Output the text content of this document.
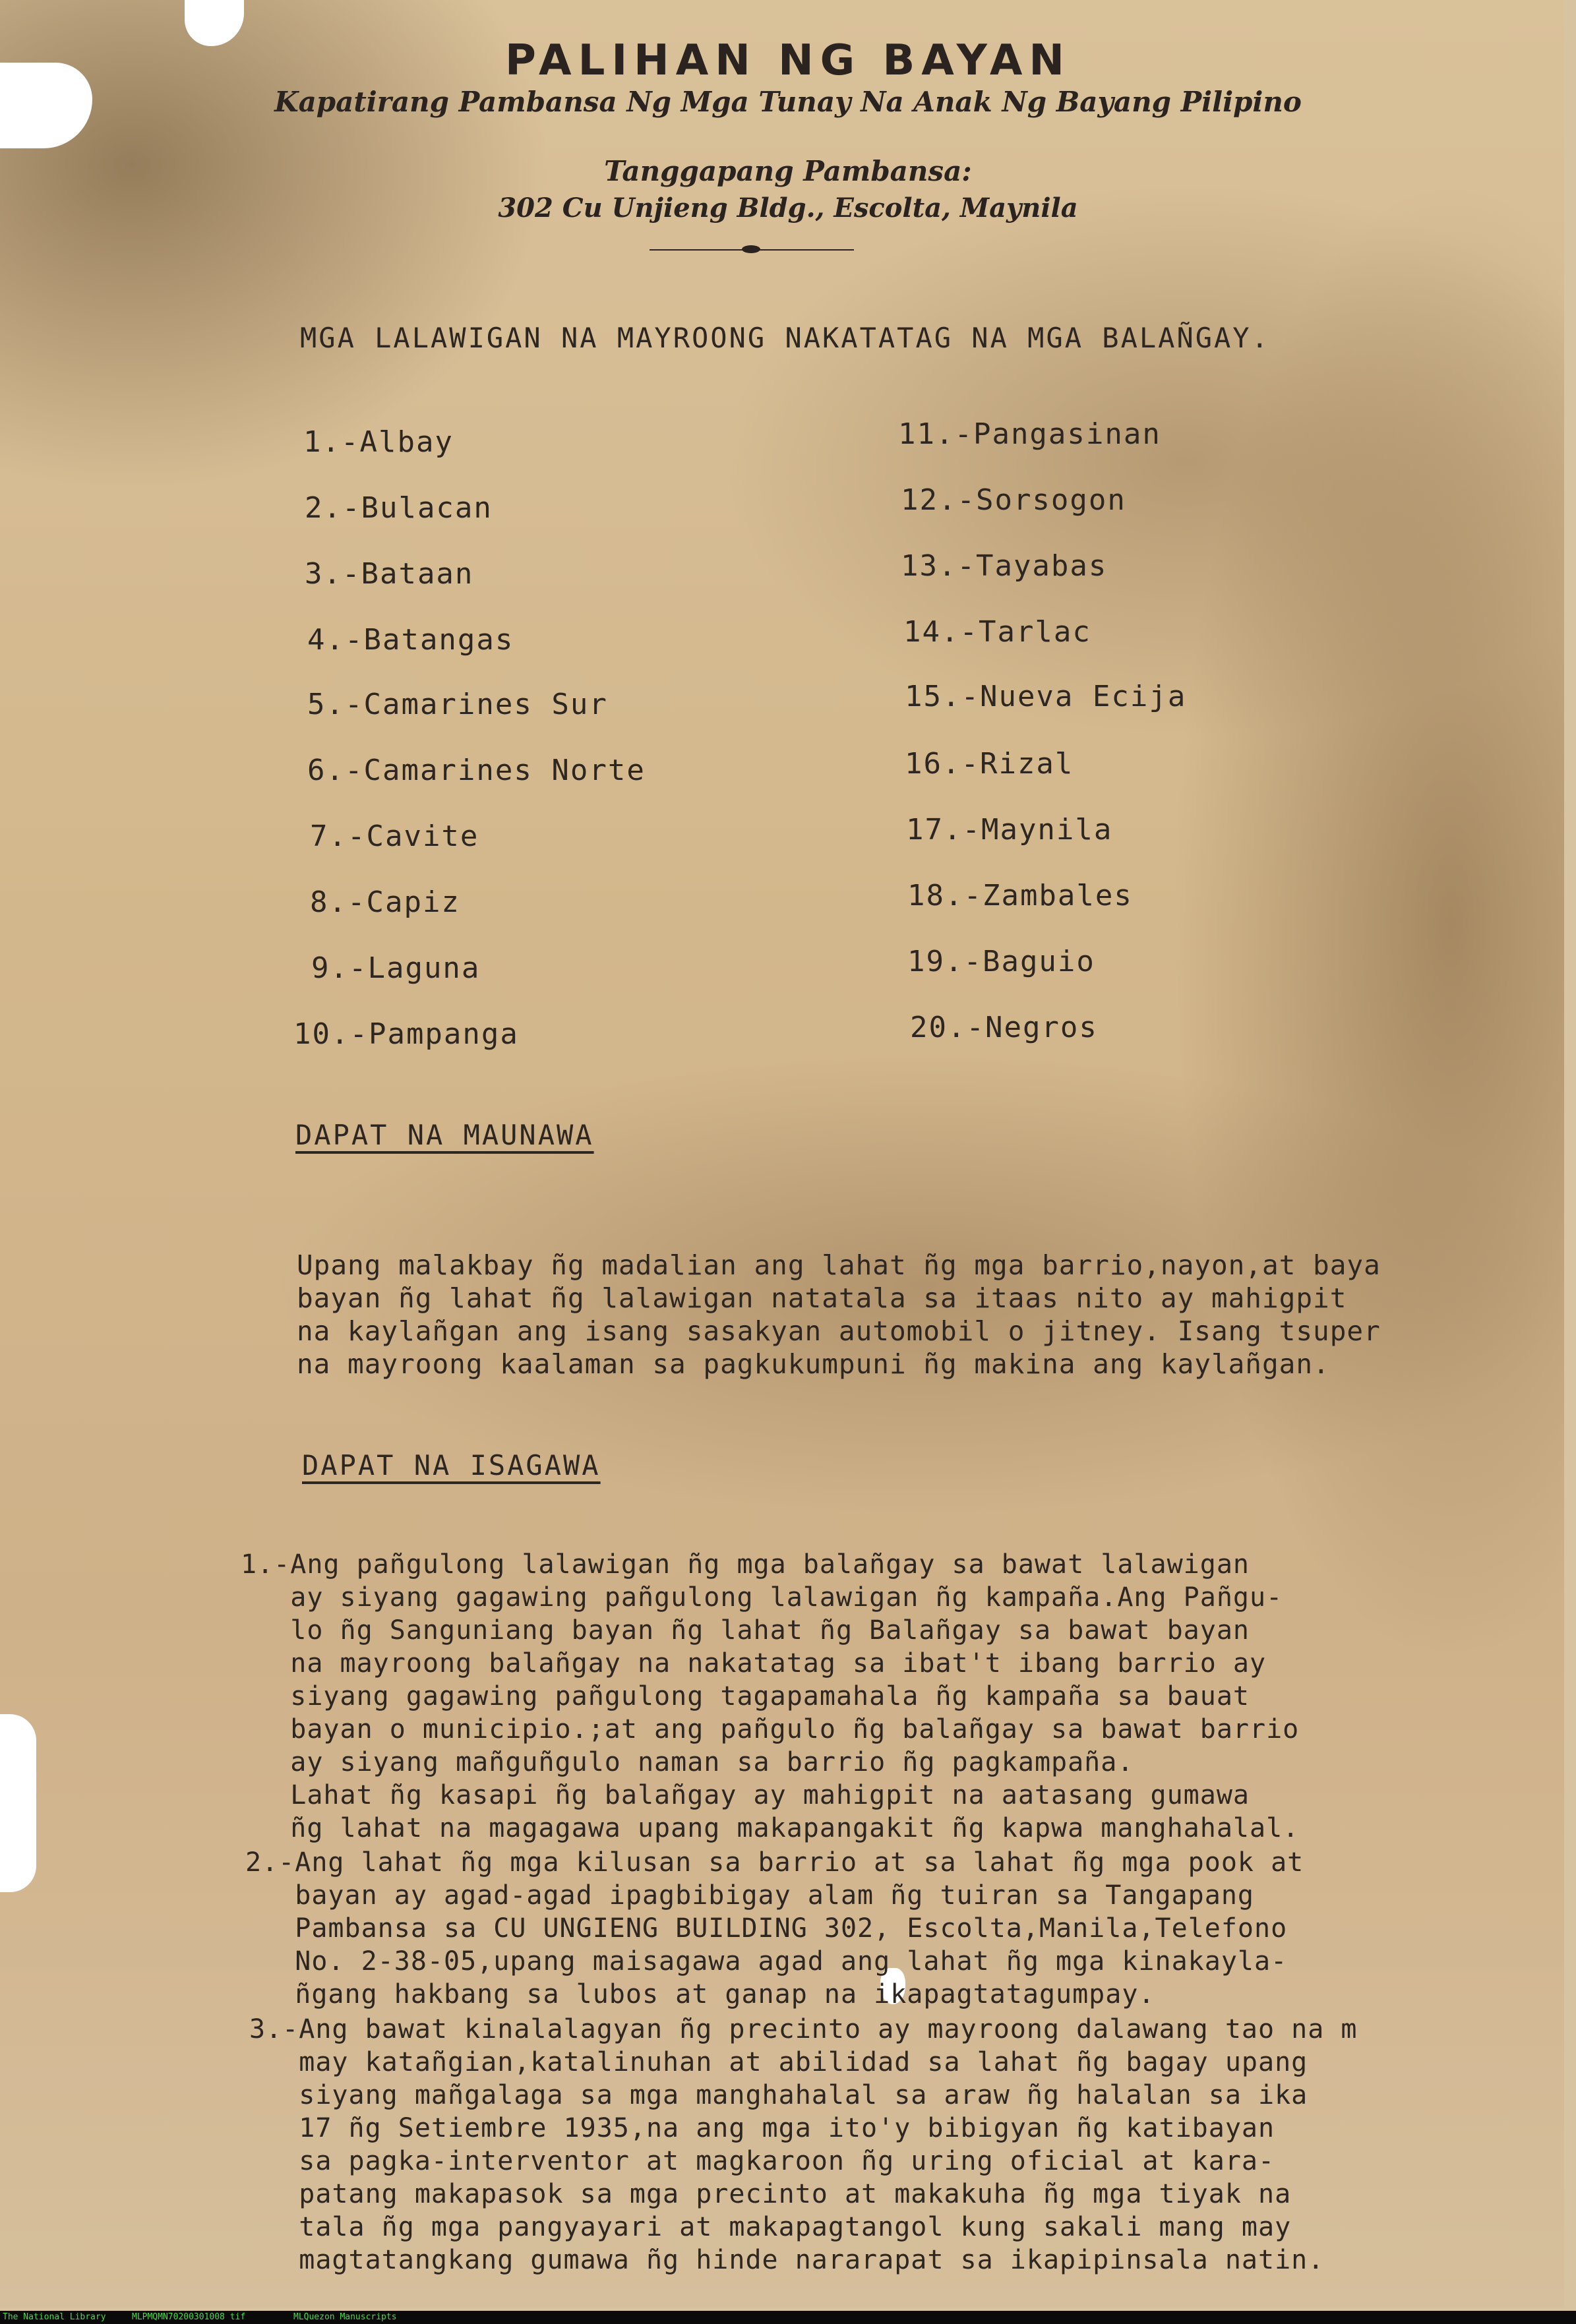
PALIHAN NG BAYAN
Kapatirang Pambansa Ng Mga Tunay Na Anak Ng Bayang Pilipino
Tanggapang Pambansa:
302 Cu Unjieng Bldg., Escolta, Maynila
MGA LALAWIGAN NA MAYROONG NAKATATAG NA MGA BALAÑGAY.
1.-Albay
2.-Bulacan
3.-Bataan
4.-Batangas
5.-Camarines Sur
6.-Camarines Norte
7.-Cavite
8.-Capiz
9.-Laguna
10.-Pampanga
11.-Pangasinan
12.-Sorsogon
13.-Tayabas
14.-Tarlac
15.-Nueva Ecija
16.-Rizal
17.-Maynila
18.-Zambales
19.-Baguio
20.-Negros
DAPAT NA MAUNAWA
Upang malakbay ñg madalian ang lahat ñg mga barrio,nayon,at baya
bayan ñg lahat ñg lalawigan natatala sa itaas nito ay mahigpit
na kaylañgan ang isang sasakyan automobil o jitney. Isang tsuper
na mayroong kaalaman sa pagkukumpuni ñg makina ang kaylañgan.
DAPAT NA ISAGAWA
1.-Ang pañgulong lalawigan ñg mga balañgay sa bawat lalawigan
ay siyang gagawing pañgulong lalawigan ñg kampaña.Ang Pañgu-
lo ñg Sanguniang bayan ñg lahat ñg Balañgay sa bawat bayan
na mayroong balañgay na nakatatag sa ibat't ibang barrio ay
siyang gagawing pañgulong tagapamahala ñg kampaña sa bauat
bayan o municipio.;at ang pañgulo ñg balañgay sa bawat barrio
ay siyang mañguñgulo naman sa barrio ñg pagkampaña.
Lahat ñg kasapi ñg balañgay ay mahigpit na aatasang gumawa
ñg lahat na magagawa upang makapangakit ñg kapwa manghahalal.
2.-Ang lahat ñg mga kilusan sa barrio at sa lahat ñg mga pook at
bayan ay agad-agad ipagbibigay alam ñg tuiran sa Tangapang
Pambansa sa CU UNGIENG BUILDING 302, Escolta,Manila,Telefono
No. 2-38-05,upang maisagawa agad ang lahat ñg mga kinakayla-
ñgang hakbang sa lubos at ganap na ikapagtatagumpay.
3.-Ang bawat kinalalagyan ñg precinto ay mayroong dalawang tao na m
may katañgian,katalinuhan at abilidad sa lahat ñg bagay upang
siyang mañgalaga sa mga manghahalal sa araw ñg halalan sa ika
17 ñg Setiembre 1935,na ang mga ito'y bibigyan ñg katibayan
sa pagka-interventor at magkaroon ñg uring oficial at kara-
patang makapasok sa mga precinto at makakuha ñg mga tiyak na
tala ñg mga pangyayari at makapagtangol kung sakali mang may
magtatangkang gumawa ñg hinde nararapat sa ikapipinsala natin.
The National Library	MLPMQMN70200301008 tif	MLQuezon Manuscripts
